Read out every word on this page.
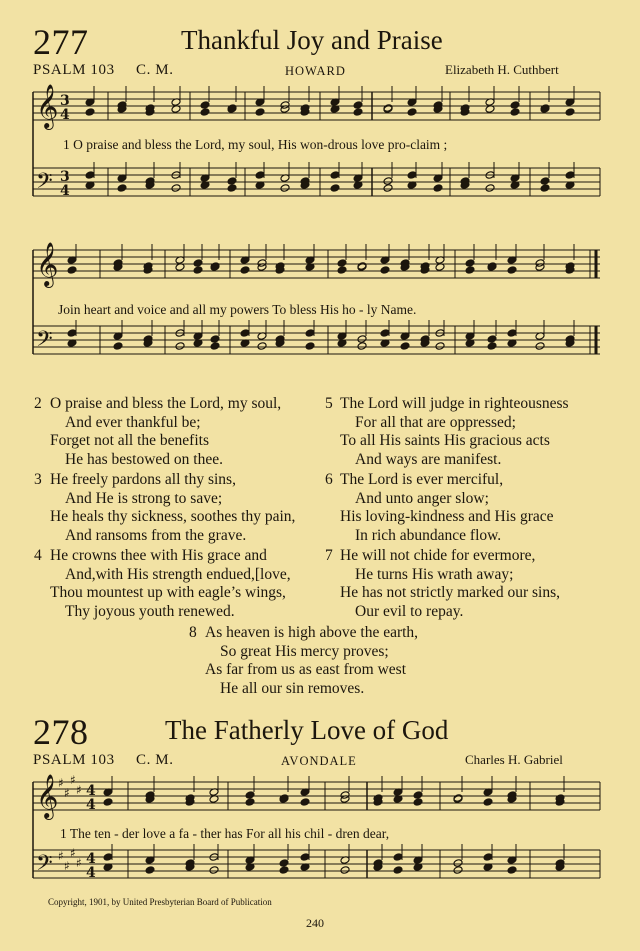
277	Thankful Joy and Praise
PSALM 103 C. M.	HOWARD	Elizabeth H. Cuthbert
𝄞
𝄢
𝄞
𝄢
𝄞
𝄢
3
4
3
4
4
4
4
4
♯
♯
♯
♯
♯
♯
♯
♯
1 O praise and bless the Lord, my soul, His won-drous love pro-claim ;
Join heart and voice and all my powers To bless His ho - ly Name.
2 O praise and bless the Lord, my soul,
And ever thankful be;
Forget not all the benefits
He has bestowed on thee.
3 He freely pardons all thy sins,
And He is strong to save;
He heals thy sickness, soothes thy pain,
And ransoms from the grave.
4 He crowns thee with His grace and
And,with His strength endued,[love,
Thou mountest up with eagle’s wings,
Thy joyous youth renewed.
5 The Lord will judge in righteousness
For all that are oppressed;
To all His saints His gracious acts
And ways are manifest.
6 The Lord is ever merciful,
And unto anger slow;
His loving-kindness and His grace
In rich abundance flow.
7 He will not chide for evermore,
He turns His wrath away;
He has not strictly marked our sins,
Our evil to repay.
8 As heaven is high above the earth,
So great His mercy proves;
As far from us as east from west
He all our sin removes.
278	The Fatherly Love of God
PSALM 103 C. M.	AVONDALE	Charles H. Gabriel
1 The ten - der love a fa - ther has For all his chil - dren dear,
Copyright, 1901, by United Presbyterian Board of Publication
240
